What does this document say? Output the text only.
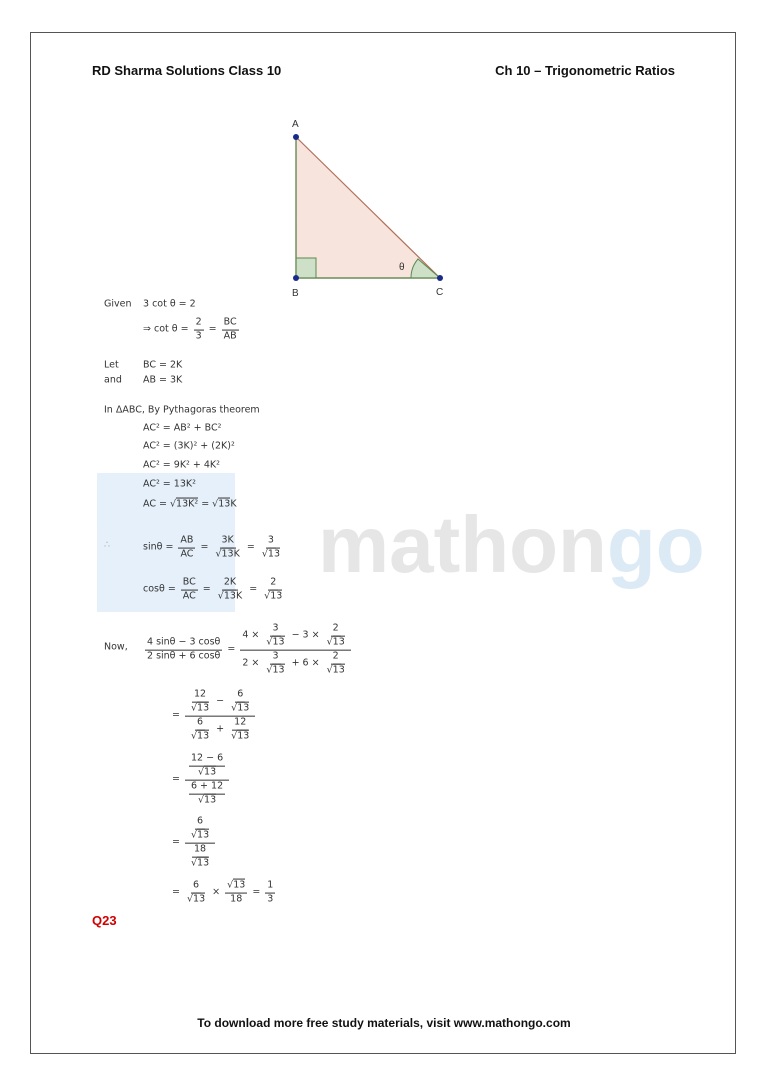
RD Sharma Solutions Class 10	Ch 10 – Trigonometric Ratios
mathongo
A
B	C
θ
Given
Let
and
In ΔABC, By Pythagoras theorem
∴
Now,
3 cot θ = 2
⇒ $\cot \theta = \frac{2}{3} = \frac{BC}{AB}$
BC = 2K
AB = 3K
AC² = AB² + BC²
AC² = (3K)² + (2K)²
AC² = 9K² + 4K²
AC² = 13K²
AC = √13K² = √13 K
$\sin\theta = \frac{AB}{AC} = \frac{3K}{√13 K} = \frac{3}{√13}$
$\cos\theta = \frac{BC}{AC} = \frac{2K}{√13 K} = \frac{2}{√13}$
$\frac{4 \sin\theta - 3 \cos\theta}{2 \sin\theta + 6 \cos\theta} = \frac{4 \times \frac{3}{√13} - 3 \times \frac{2}{√13}}{2 \times \frac{3}{√13} + 6 \times \frac{2}{√13}}$
= $\frac{\frac{12}{√13} - \frac{6}{√13}}{\frac{6}{√13} + \frac{12}{√13}}$
= $\frac{\frac{12 - 6}{√13}}{\frac{6 + 12}{√13}}$
= $\frac{\frac{6}{√13}}{\frac{18}{√13}}$
= $\frac{6}{√13} \times \frac{√13}{18} = \frac{1}{3}$
Q23
To download more free study materials, visit www.mathongo.com
